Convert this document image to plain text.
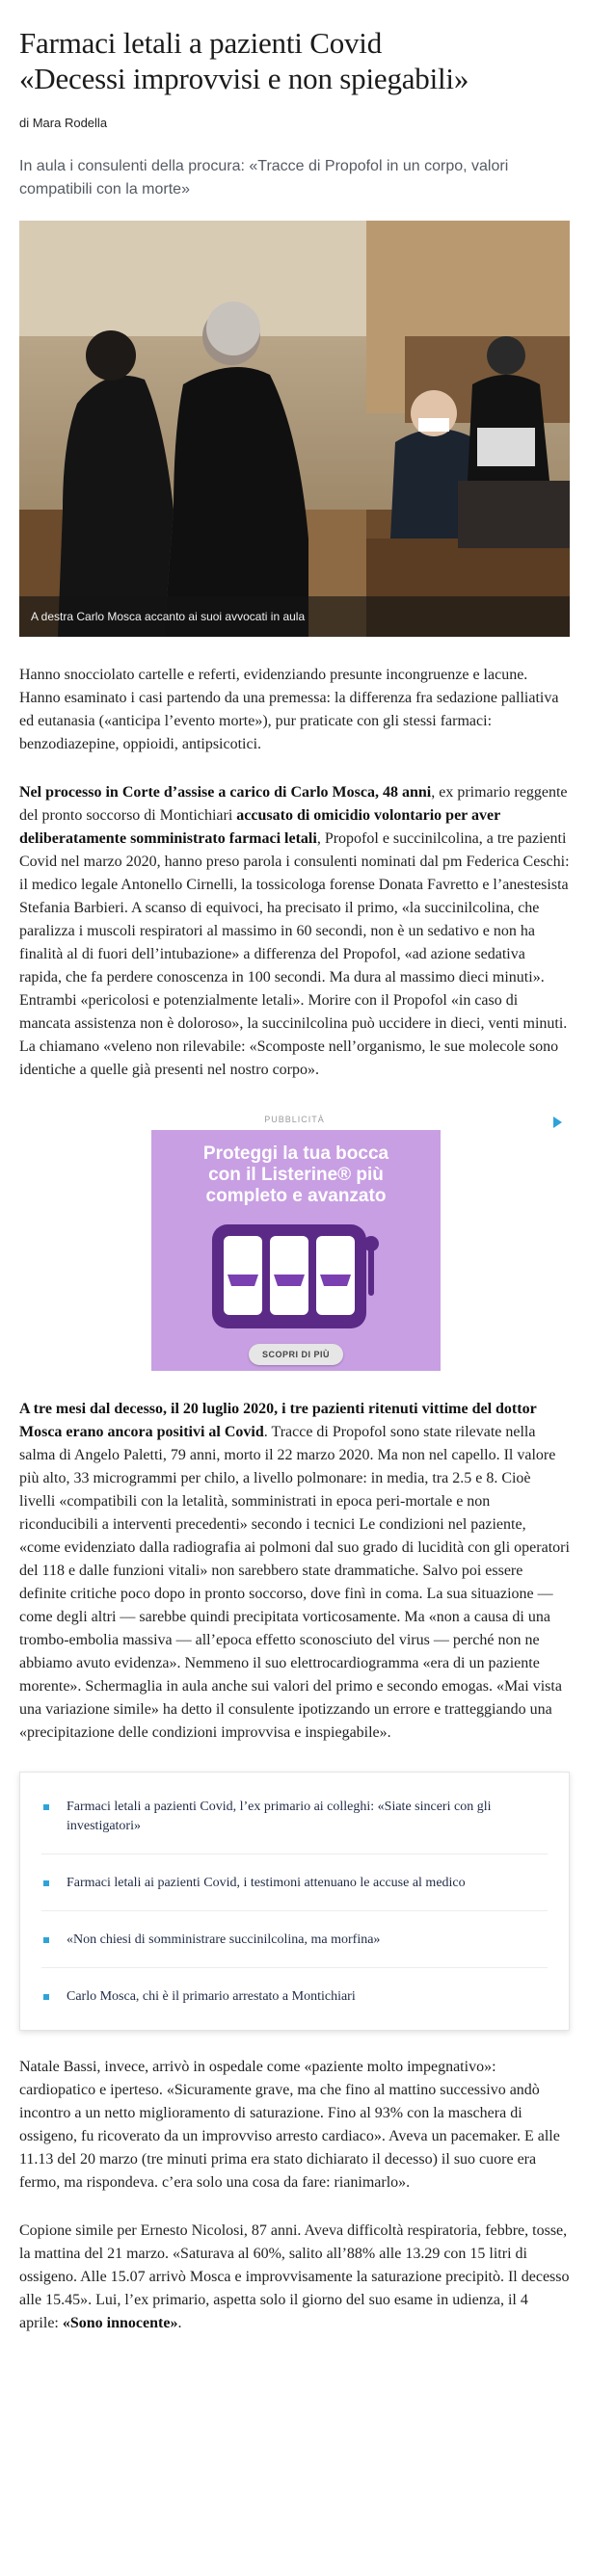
Farmaci letali a pazienti Covid
«Decessi improvvisi e non spiegabili»
di Mara Rodella

In aula i consulenti della procura: «Tracce di Propofol in un corpo, valori compatibili con la morte»

A destra Carlo Mosca accanto ai suoi avvocati in aula

Hanno snocciolato cartelle e referti, evidenziando presunte incongruenze e lacune. Hanno esaminato i casi partendo da una premessa: la differenza fra sedazione palliativa ed eutanasia («anticipa l’evento morte»), pur praticate con gli stessi farmaci: benzodiazepine, oppioidi, antipsicotici.

Nel processo in Corte d’assise a carico di Carlo Mosca, 48 anni, ex primario reggente del pronto soccorso di Montichiari accusato di omicidio volontario per aver deliberatamente somministrato farmaci letali, Propofol e succinilcolina, a tre pazienti Covid nel marzo 2020, hanno preso parola i consulenti nominati dal pm Federica Ceschi: il medico legale Antonello Cirnelli, la tossicologa forense Donata Favretto e l’anestesista Stefania Barbieri. A scanso di equivoci, ha precisato il primo, «la succinilcolina, che paralizza i muscoli respiratori al massimo in 60 secondi, non è un sedativo e non ha finalità al di fuori dell’intubazione» a differenza del Propofol, «ad azione sedativa rapida, che fa perdere conoscenza in 100 secondi. Ma dura al massimo dieci minuti». Entrambi «pericolosi e potenzialmente letali». Morire con il Propofol «in caso di mancata assistenza non è doloroso», la succinilcolina può uccidere in dieci, venti minuti. La chiamano «veleno non rilevabile: «Scomposte nell’organismo, le sue molecole sono identiche a quelle già presenti nel nostro corpo».

PUBBLICITÀ
Proteggi la tua bocca
con il Listerine® più
completo e avanzato
SCOPRI DI PIÙ

A tre mesi dal decesso, il 20 luglio 2020, i tre pazienti ritenuti vittime del dottor Mosca erano ancora positivi al Covid. Tracce di Propofol sono state rilevate nella salma di Angelo Paletti, 79 anni, morto il 22 marzo 2020. Ma non nel capello. Il valore più alto, 33 microgrammi per chilo, a livello polmonare: in media, tra 2.5 e 8. Cioè livelli «compatibili con la letalità, somministrati in epoca peri-mortale e non riconducibili a interventi precedenti» secondo i tecnici Le condizioni nel paziente, «come evidenziato dalla radiografia ai polmoni dal suo grado di lucidità con gli operatori del 118 e dalle funzioni vitali» non sarebbero state drammatiche. Salvo poi essere definite critiche poco dopo in pronto soccorso, dove finì in coma. La sua situazione — come degli altri — sarebbe quindi precipitata vorticosamente. Ma «non a causa di una trombo-embolia massiva — all’epoca effetto sconosciuto del virus — perché non ne abbiamo avuto evidenza». Nemmeno il suo elettrocardiogramma «era di un paziente morente». Schermaglia in aula anche sui valori del primo e secondo emogas. «Mai vista una variazione simile» ha detto il consulente ipotizzando un errore e tratteggiando una «precipitazione delle condizioni improvvisa e inspiegabile».

Farmaci letali a pazienti Covid, l’ex primario ai colleghi: «Siate sinceri con gli investigatori»
Farmaci letali ai pazienti Covid, i testimoni attenuano le accuse al medico
«Non chiesi di somministrare succinilcolina, ma morfina»
Carlo Mosca, chi è il primario arrestato a Montichiari

Natale Bassi, invece, arrivò in ospedale come «paziente molto impegnativo»: cardiopatico e iperteso. «Sicuramente grave, ma che fino al mattino successivo andò incontro a un netto miglioramento di saturazione. Fino al 93% con la maschera di ossigeno, fu ricoverato da un improvviso arresto cardiaco». Aveva un pacemaker. E alle 11.13 del 20 marzo (tre minuti prima era stato dichiarato il decesso) il suo cuore era fermo, ma rispondeva. c’era solo una cosa da fare: rianimarlo».

Copione simile per Ernesto Nicolosi, 87 anni. Aveva difficoltà respiratoria, febbre, tosse, la mattina del 21 marzo. «Saturava al 60%, salito all’88% alle 13.29 con 15 litri di ossigeno. Alle 15.07 arrivò Mosca e improvvisamente la saturazione precipitò. Il decesso alle 15.45». Lui, l’ex primario, aspetta solo il giorno del suo esame in udienza, il 4 aprile: «Sono innocente».
